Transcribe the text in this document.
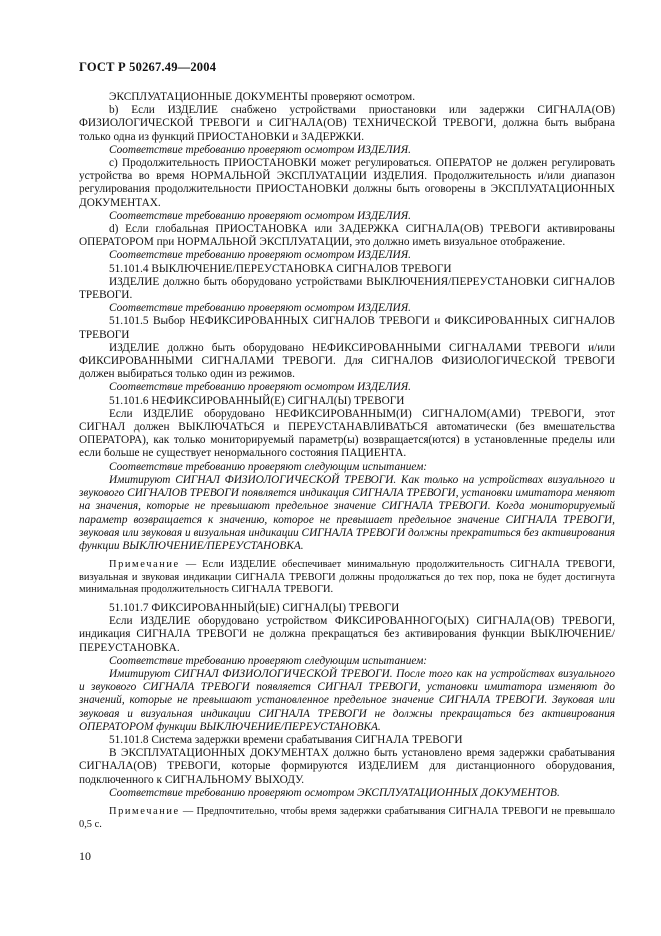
ГОСТ Р 50267.49—2004

ЭКСПЛУАТАЦИОННЫЕ ДОКУМЕНТЫ проверяют осмотром.

b) Если ИЗДЕЛИЕ снабжено устройствами приостановки или задержки СИГНАЛА(ОВ) ФИЗИОЛОГИЧЕСКОЙ ТРЕВОГИ и СИГНАЛА(ОВ) ТЕХНИЧЕСКОЙ ТРЕВОГИ, должна быть выбрана только одна из функций ПРИОСТАНОВКИ и ЗАДЕРЖКИ.

Соответствие требованию проверяют осмотром ИЗДЕЛИЯ.

c) Продолжительность ПРИОСТАНОВКИ может регулироваться. ОПЕРАТОР не должен регулировать устройства во время НОРМАЛЬНОЙ ЭКСПЛУАТАЦИИ ИЗДЕЛИЯ. Продолжительность и/или диапазон регулирования продолжительности ПРИОСТАНОВКИ должны быть оговорены в ЭКСПЛУАТАЦИОННЫХ ДОКУМЕНТАХ.

Соответствие требованию проверяют осмотром ИЗДЕЛИЯ.

d) Если глобальная ПРИОСТАНОВКА или ЗАДЕРЖКА СИГНАЛА(ОВ) ТРЕВОГИ активированы ОПЕРАТОРОМ при НОРМАЛЬНОЙ ЭКСПЛУАТАЦИИ, это должно иметь визуальное отображение.

Соответствие требованию проверяют осмотром ИЗДЕЛИЯ.

51.101.4 ВЫКЛЮЧЕНИЕ/ПЕРЕУСТАНОВКА СИГНАЛОВ ТРЕВОГИ

ИЗДЕЛИЕ должно быть оборудовано устройствами ВЫКЛЮЧЕНИЯ/ПЕРЕУСТАНОВКИ СИГНАЛОВ ТРЕВОГИ.

Соответствие требованию проверяют осмотром ИЗДЕЛИЯ.

51.101.5 Выбор НЕФИКСИРОВАННЫХ СИГНАЛОВ ТРЕВОГИ и ФИКСИРОВАННЫХ СИГНАЛОВ ТРЕВОГИ

ИЗДЕЛИЕ должно быть оборудовано НЕФИКСИРОВАННЫМИ СИГНАЛАМИ ТРЕВОГИ и/или ФИКСИРОВАННЫМИ СИГНАЛАМИ ТРЕВОГИ. Для СИГНАЛОВ ФИЗИОЛОГИЧЕСКОЙ ТРЕВОГИ должен выбираться только один из режимов.

Соответствие требованию проверяют осмотром ИЗДЕЛИЯ.

51.101.6 НЕФИКСИРОВАННЫЙ(Е) СИГНАЛ(Ы) ТРЕВОГИ

Если ИЗДЕЛИЕ оборудовано НЕФИКСИРОВАННЫМ(И) СИГНАЛОМ(АМИ) ТРЕВОГИ, этот СИГНАЛ должен ВЫКЛЮЧАТЬСЯ и ПЕРЕУСТАНАВЛИВАТЬСЯ автоматически (без вмешательства ОПЕРАТОРА), как только мониторируемый параметр(ы) возвращается(ются) в установленные пределы или если больше не существует ненормального состояния ПАЦИЕНТА.

Соответствие требованию проверяют следующим испытанием:

Имитируют СИГНАЛ ФИЗИОЛОГИЧЕСКОЙ ТРЕВОГИ. Как только на устройствах визуального и звукового СИГНАЛОВ ТРЕВОГИ появляется индикация СИГНАЛА ТРЕВОГИ, установки имитатора меняют на значения, которые не превышают предельное значение СИГНАЛА ТРЕВОГИ. Когда мониторируемый параметр возвращается к значению, которое не превышает предельное значение СИГНАЛА ТРЕВОГИ, звуковая или звуковая и визуальная индикации СИГНАЛА ТРЕВОГИ должны прекратиться без активирования функции ВЫКЛЮЧЕНИЕ/ПЕРЕУСТАНОВКА.

Примечание — Если ИЗДЕЛИЕ обеспечивает минимальную продолжительность СИГНАЛА ТРЕВОГИ, визуальная и звуковая индикации СИГНАЛА ТРЕВОГИ должны продолжаться до тех пор, пока не будет достигнута минимальная продолжительность СИГНАЛА ТРЕВОГИ.

51.101.7 ФИКСИРОВАННЫЙ(ЫЕ) СИГНАЛ(Ы) ТРЕВОГИ

Если ИЗДЕЛИЕ оборудовано устройством ФИКСИРОВАННОГО(ЫХ) СИГНАЛА(ОВ) ТРЕВОГИ, индикация СИГНАЛА ТРЕВОГИ не должна прекращаться без активирования функции ВЫКЛЮЧЕНИЕ/ПЕРЕУСТАНОВКА.

Соответствие требованию проверяют следующим испытанием:

Имитируют СИГНАЛ ФИЗИОЛОГИЧЕСКОЙ ТРЕВОГИ. После того как на устройствах визуального и звукового СИГНАЛА ТРЕВОГИ появляется СИГНАЛ ТРЕВОГИ, установки имитатора изменяют до значений, которые не превышают установленное предельное значение СИГНАЛА ТРЕВОГИ. Звуковая или звуковая и визуальная индикации СИГНАЛА ТРЕВОГИ не должны прекращаться без активирования ОПЕРАТОРОМ функции ВЫКЛЮЧЕНИЕ/ПЕРЕУСТАНОВКА.

51.101.8 Система задержки времени срабатывания СИГНАЛА ТРЕВОГИ

В ЭКСПЛУАТАЦИОННЫХ ДОКУМЕНТАХ должно быть установлено время задержки срабатывания СИГНАЛА(ОВ) ТРЕВОГИ, которые формируются ИЗДЕЛИЕМ для дистанционного оборудования, подключенного к СИГНАЛЬНОМУ ВЫХОДУ.

Соответствие требованию проверяют осмотром ЭКСПЛУАТАЦИОННЫХ ДОКУМЕНТОВ.

Примечание — Предпочтительно, чтобы время задержки срабатывания СИГНАЛА ТРЕВОГИ не превышало 0,5 с.

10
